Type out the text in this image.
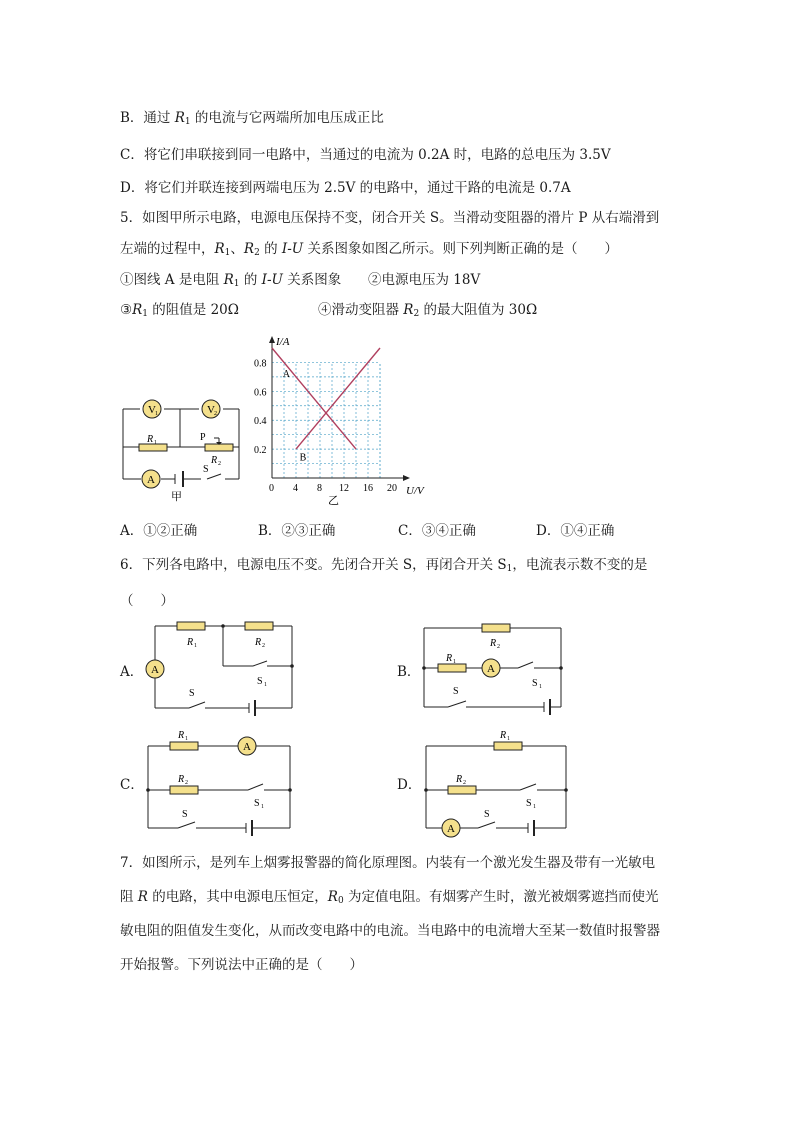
B．通过 $R_1$ 的电流与它两端所加电压成正比
C．将它们串联接到同一电路中，当通过的电流为 0.2A 时，电路的总电压为 3.5V
D．将它们并联连接到两端电压为 2.5V 的电路中，通过干路的电流是 0.7A
5．如图甲所示电路，电源电压保持不变，闭合开关 S。当滑动变阻器的滑片 P 从右端滑到
左端的过程中，$R_1$、$R_2$ 的 I-U 关系图象如图乙所示。则下列判断正确的是（　　）
①图线 A 是电阻 $R_1$ 的 I-U 关系图象 ②电源电压为 18V
$③R_1$ 的阻值是 20Ω	④滑动变阻器 $R_2$ 的最大阻值为 30Ω
V 1	V 2
R 1	P
R 2
A
S
甲
0 4 8 12 16 20
0.2
0.4
0.6
0.8
A
B
I/A
U/V
乙
A．①②正确	B．②③正确	C．③④正确	D．①④正确
6．下列各电路中，电源电压不变。先闭合开关 S，再闭合开关 $S_1$，电流表示数不变的是
（　　）
A．
R 1	R 2
A
S 1
S
B．
R 2
R 1
A
S 1
S
C．
R 1
A
R 2
S 1
S
D．
R 1
R 2
A
S 1
S
7．如图所示，是列车上烟雾报警器的简化原理图。内装有一个激光发生器及带有一光敏电
阻 R 的电路，其中电源电压恒定，$R_0$ 为定值电阻。有烟雾产生时，激光被烟雾遮挡而使光
敏电阻的阻值发生变化，从而改变电路中的电流。当电路中的电流增大至某一数值时报警器
开始报警。下列说法中正确的是（　　）
